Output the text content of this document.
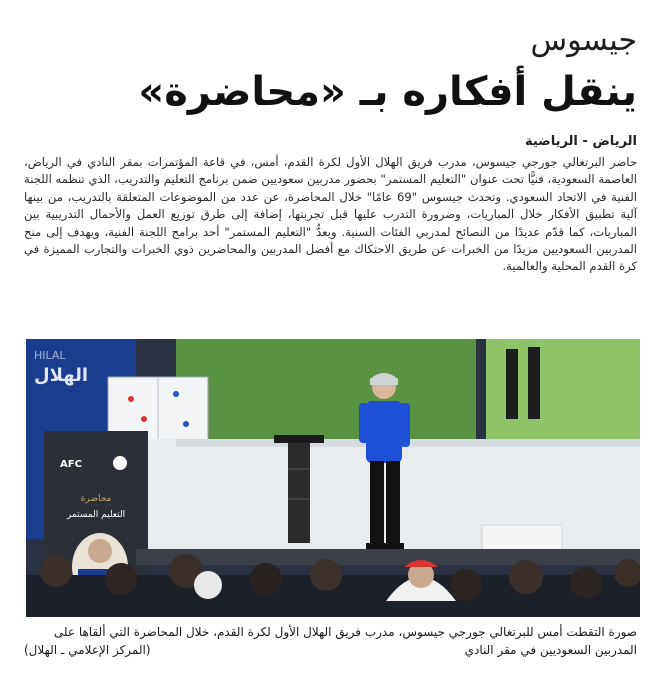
جيسوس
ينقل أفكاره بـ «محاضرة»
الرياض - الرياضية
حاضر البرتغالي جورجي جيسوس، مدرب فريق الهلال الأول لكرة القدم، أمس، في قاعة المؤتمرات بمقر النادي في الرياض، العاصمة السعودية، فنيًّا تحت عنوان "التعليم المستمر" بحضور مدربين سعوديين ضمن برنامج التعليم والتدريب، الذي تنظمه اللجنة الفنية في الاتحاد السعودي. وتحدث جيسوس "69 عامًا" خلال المحاضرة، عن عدد من الموضوعات المتعلقة بالتدريب، من بينها آلية تطبيق الأفكار خلال المباريات، وضرورة التدرب عليها قبل تجربتها، إضافة إلى طرق توزيع العمل والأحمال التدريبية بين المباريات، كما قدّم عديدًا من النصائح لمدربي الفئات السنية. ويعدُّ "التعليم المستمر" أحد برامج اللجنة الفنية، ويهدف إلى منح المدربين السعوديين مزيدًا من الخبرات عن طريق الاحتكاك مع أفضل المدربين والمحاضرين ذوي الخبرات والتجارب المميزة في كرة القدم المحلية والعالمية.
HILAL
الهلال
AFC
محاضرة
التعليم المستمر
صورة التقطت أمس للبرتغالي جورجي جيسوس، مدرب فريق الهلال الأول لكرة القدم، خلال المحاضرة التي ألقاها على المدربين السعوديين في مقر النادي
(المركز الإعلامي ـ الهلال)
